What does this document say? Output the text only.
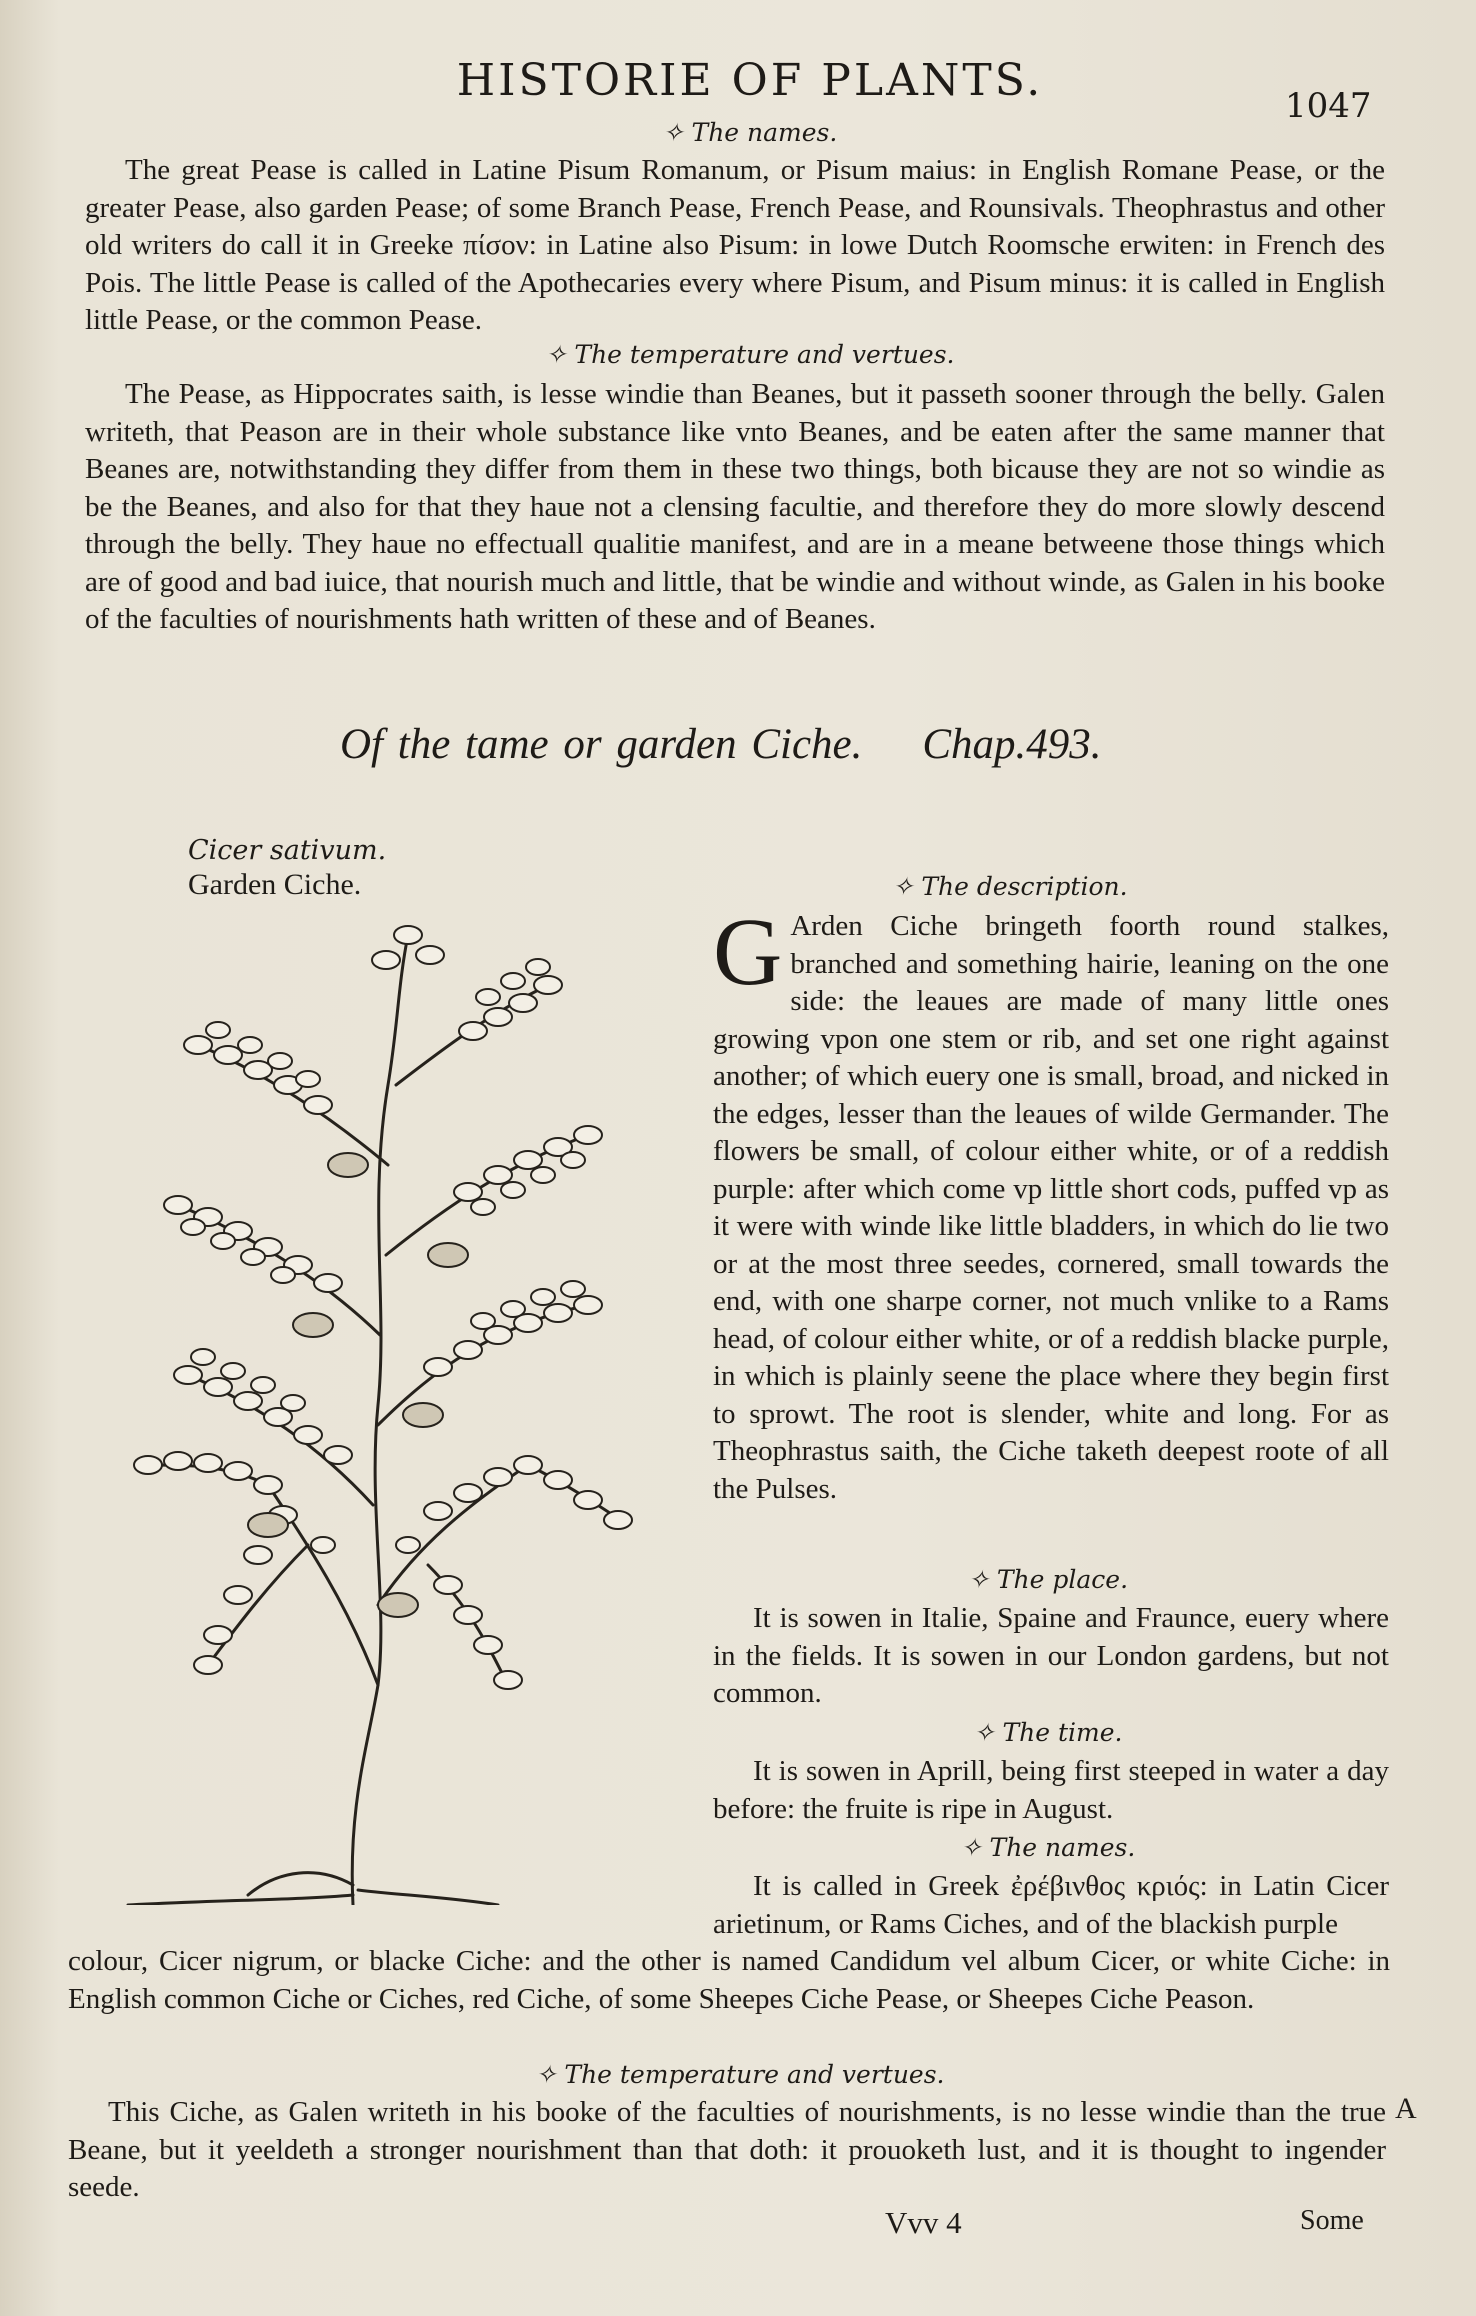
HISTORIE OF PLANTS.	1047
✧ The names.
The great Pease is called in Latine Pisum Romanum, or Pisum maius: in English Romane Pease, or the greater Pease, also garden Pease; of some Branch Pease, French Pease, and Rounsivals. Theophrastus and other old writers do call it in Greeke πίσον: in Latine also Pisum: in lowe Dutch Roomsche erwiten: in French des Pois. The little Pease is called of the Apothecaries every where Pisum, and Pisum minus: it is called in English little Pease, or the common Pease.
✧ The temperature and vertues.
The Pease, as Hippocrates saith, is lesse windie than Beanes, but it passeth sooner through the belly. Galen writeth, that Peason are in their whole substance like vnto Beanes, and be eaten after the same manner that Beanes are, notwithstanding they differ from them in these two things, both bicause they are not so windie as be the Beanes, and also for that they haue not a clensing facultie, and therefore they do more slowly descend through the belly. They haue no effectuall qualitie manifest, and are in a meane betweene those things which are of good and bad iuice, that nourish much and little, that be windie and without winde, as Galen in his booke of the faculties of nourishments hath written of these and of Beanes.
Of the tame or garden Ciche. Chap.493.
Cicer sativum.
Garden Ciche.	✧ The description.
G Arden Ciche bringeth foorth round stalkes, branched and something hairie, leaning on the one side: the leaues are made of many little ones growing vpon one stem or rib, and set one right against another; of which euery one is small, broad, and nicked in the edges, lesser than the leaues of wilde Germander. The flowers be small, of colour either white, or of a reddish purple: after which come vp little short cods, puffed vp as it were with winde like little bladders, in which do lie two or at the most three seedes, cornered, small towards the end, with one sharpe corner, not much vnlike to a Rams head, of colour either white, or of a reddish blacke purple, in which is plainly seene the place where they begin first to sprowt. The root is slender, white and long. For as Theophrastus saith, the Ciche taketh deepest roote of all the Pulses.
✧ The place.
It is sowen in Italie, Spaine and Fraunce, euery where in the fields. It is sowen in our London gardens, but not common.
✧ The time.
It is sowen in Aprill, being first steeped in water a day before: the fruite is ripe in August.
✧ The names.
It is called in Greek ἐρέβινθος κριός: in Latin Cicer arietinum, or Rams Ciches, and of the blackish purple
colour, Cicer nigrum, or blacke Ciche: and the other is named Candidum vel album Cicer, or white Ciche: in English common Ciche or Ciches, red Ciche, of some Sheepes Ciche Pease, or Sheepes Ciche Peason.
✧ The temperature and vertues.
This Ciche, as Galen writeth in his booke of the faculties of nourishments, is no lesse windie than the true Beane, but it yeeldeth a stronger nourishment than that doth: it prouoketh lust, and it is thought to ingender seede.
A
Vvv 4	Some
